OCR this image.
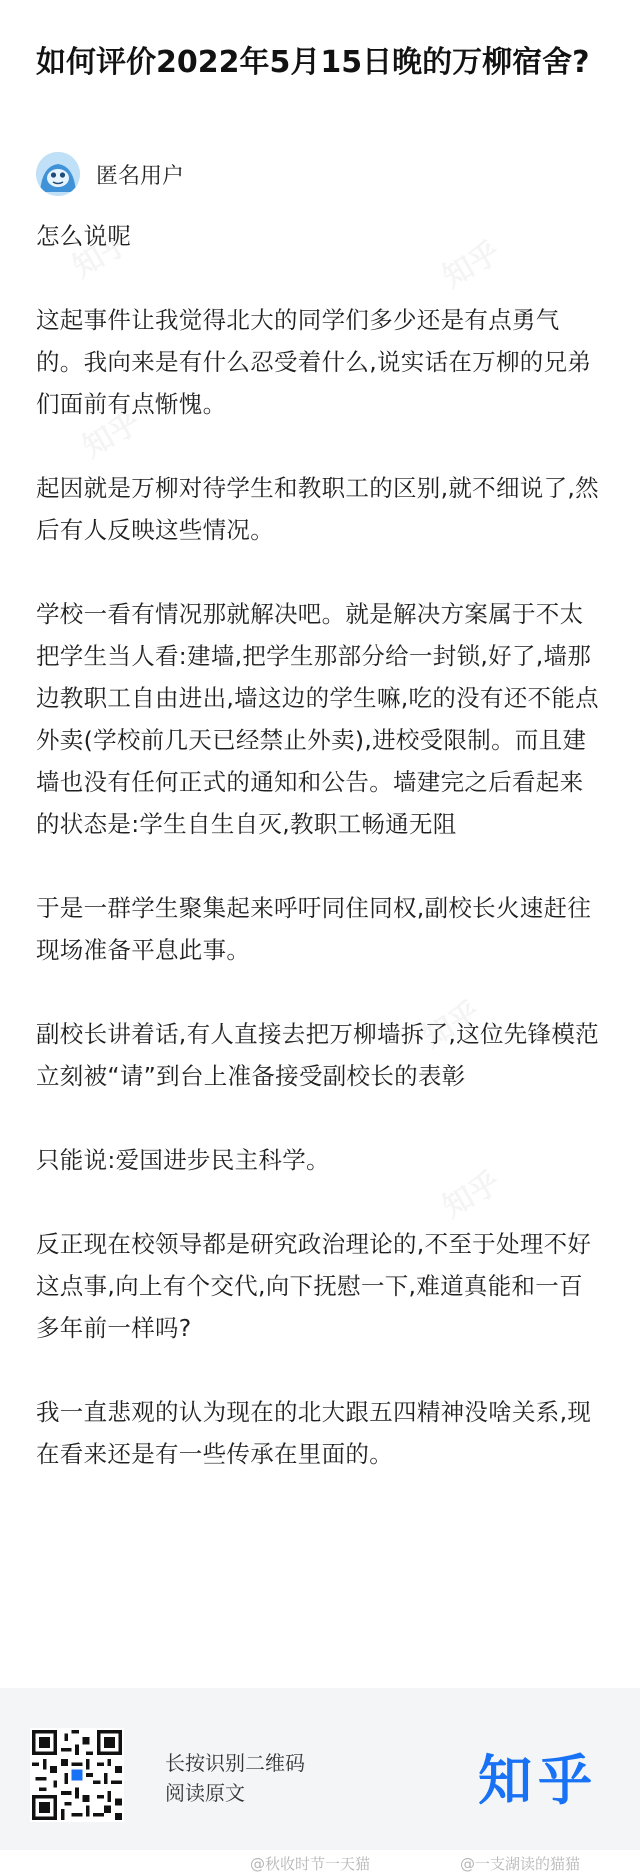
如何评价2022年5月15日晚的万柳宿舍?
匿名用户

怎么说呢

这起事件让我觉得北大的同学们多少还是有点勇气的。我向来是有什么忍受着什么,说实话在万柳的兄弟们面前有点惭愧。

起因就是万柳对待学生和教职工的区别,就不细说了,然后有人反映这些情况。

学校一看有情况那就解决吧。就是解决方案属于不太把学生当人看:建墙,把学生那部分给一封锁,好了,墙那边教职工自由进出,墙这边的学生嘛,吃的没有还不能点外卖(学校前几天已经禁止外卖),进校受限制。而且建墙也没有任何正式的通知和公告。墙建完之后看起来的状态是:学生自生自灭,教职工畅通无阻

于是一群学生聚集起来呼吁同住同权,副校长火速赶往现场准备平息此事。

副校长讲着话,有人直接去把万柳墙拆了,这位先锋模范立刻被“请”到台上准备接受副校长的表彰

只能说:爱国进步民主科学。

反正现在校领导都是研究政治理论的,不至于处理不好这点事,向上有个交代,向下抚慰一下,难道真能和一百多年前一样吗?

我一直悲观的认为现在的北大跟五四精神没啥关系,现在看来还是有一些传承在里面的。

长按识别二维码
阅读原文	知乎
@秋收时节一天猫	@一支湖读的猫猫
